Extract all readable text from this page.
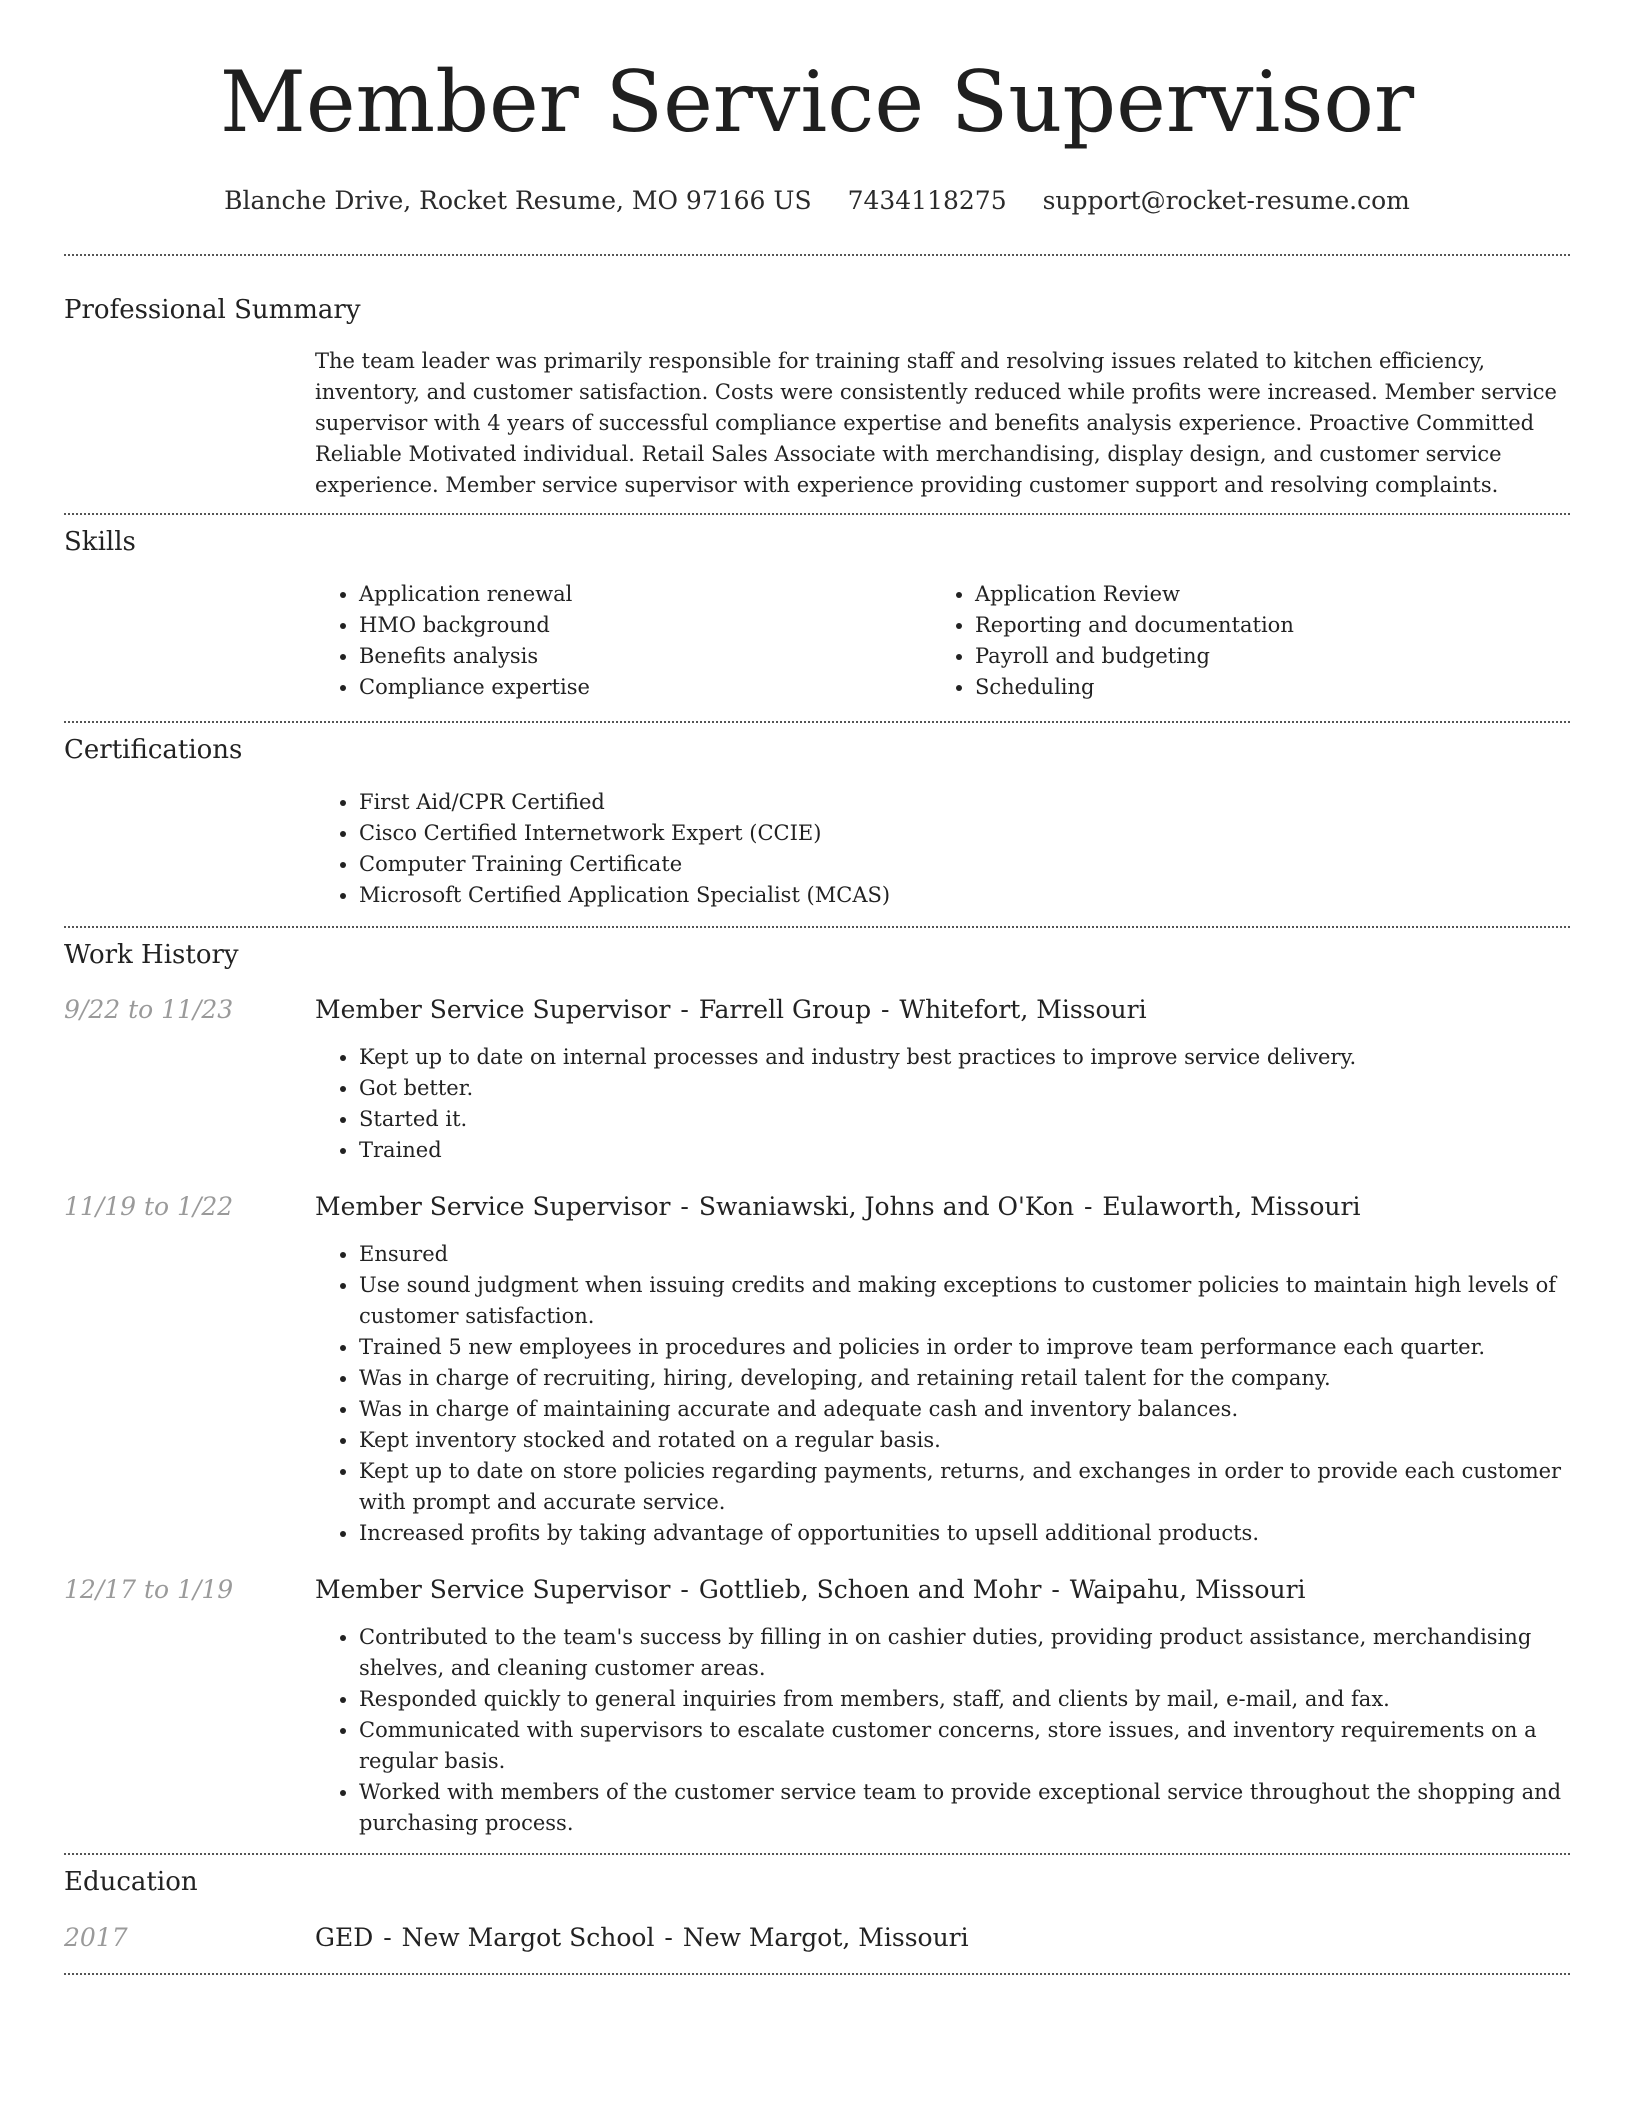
Member Service Supervisor
Blanche Drive, Rocket Resume, MO 97166 US 7434118275 support@rocket-resume.com
Professional Summary
The team leader was primarily responsible for training staff and resolving issues related to kitchen efficiency, inventory, and customer satisfaction. Costs were consistently reduced while profits were increased. Member service supervisor with 4 years of successful compliance expertise and benefits analysis experience. Proactive Committed Reliable Motivated individual. Retail Sales Associate with merchandising, display design, and customer service experience. Member service supervisor with experience providing customer support and resolving complaints.
Skills
• Application renewal
• HMO background
• Benefits analysis
• Compliance expertise
• Application Review
• Reporting and documentation
• Payroll and budgeting
• Scheduling
Certifications
• First Aid/CPR Certified
• Cisco Certified Internetwork Expert (CCIE)
• Computer Training Certificate
• Microsoft Certified Application Specialist (MCAS)
Work History
9/22 to 11/23	Member Service Supervisor - Farrell Group - Whitefort, Missouri
• Kept up to date on internal processes and industry best practices to improve service delivery.
• Got better.
• Started it.
• Trained
11/19 to 1/22	Member Service Supervisor - Swaniawski, Johns and O'Kon - Eulaworth, Missouri
• Ensured
• Use sound judgment when issuing credits and making exceptions to customer policies to maintain high levels of customer satisfaction.
• Trained 5 new employees in procedures and policies in order to improve team performance each quarter.
• Was in charge of recruiting, hiring, developing, and retaining retail talent for the company.
• Was in charge of maintaining accurate and adequate cash and inventory balances.
• Kept inventory stocked and rotated on a regular basis.
• Kept up to date on store policies regarding payments, returns, and exchanges in order to provide each customer with prompt and accurate service.
• Increased profits by taking advantage of opportunities to upsell additional products.
12/17 to 1/19	Member Service Supervisor - Gottlieb, Schoen and Mohr - Waipahu, Missouri
• Contributed to the team's success by filling in on cashier duties, providing product assistance, merchandising shelves, and cleaning customer areas.
• Responded quickly to general inquiries from members, staff, and clients by mail, e-mail, and fax.
• Communicated with supervisors to escalate customer concerns, store issues, and inventory requirements on a regular basis.
• Worked with members of the customer service team to provide exceptional service throughout the shopping and purchasing process.
Education
2017	GED - New Margot School - New Margot, Missouri
